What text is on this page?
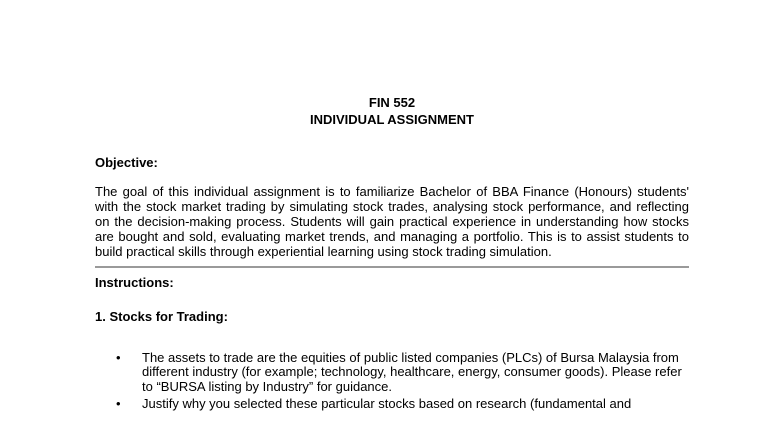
FIN 552
INDIVIDUAL ASSIGNMENT
Objective:
The goal of this individual assignment is to familiarize Bachelor of BBA Finance (Honours) students' with the stock market trading by simulating stock trades, analysing stock performance, and reflecting on the decision-making process. Students will gain practical experience in understanding how stocks are bought and sold, evaluating market trends, and managing a portfolio. This is to assist students to build practical skills through experiential learning using stock trading simulation.
Instructions:
1. Stocks for Trading:
• The assets to trade are the equities of public listed companies (PLCs) of Bursa Malaysia from different industry (for example; technology, healthcare, energy, consumer goods). Please refer to “BURSA listing by Industry” for guidance.
• Justify why you selected these particular stocks based on research (fundamental and
